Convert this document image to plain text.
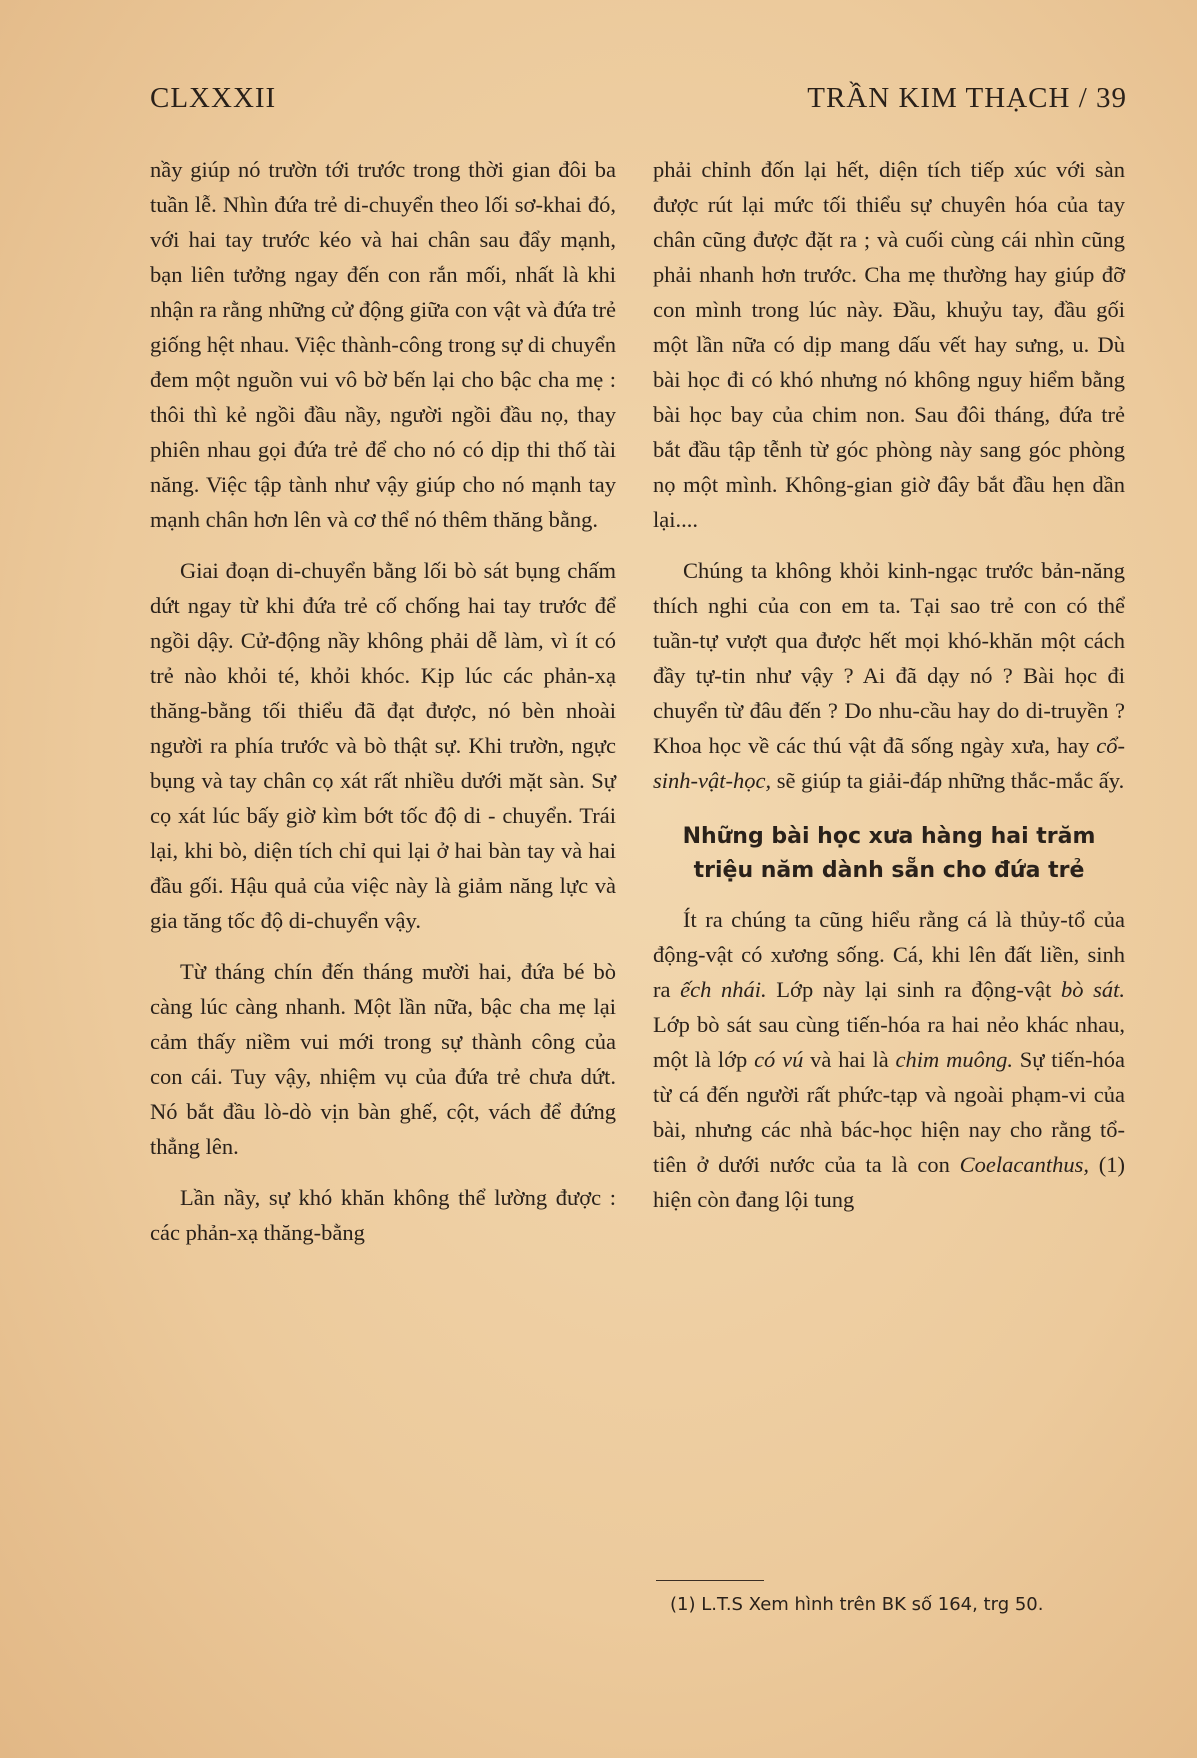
CLXXXII	TRẦN KIM THẠCH / 39

nầy giúp nó trườn tới trước trong thời gian đôi ba tuần lễ. Nhìn đứa trẻ di-chuyển theo lối sơ-khai đó, với hai tay trước kéo và hai chân sau đẩy mạnh, bạn liên tưởng ngay đến con rắn mối, nhất là khi nhận ra rằng những cử động giữa con vật và đứa trẻ giống hệt nhau. Việc thành-công trong sự di chuyển đem một nguồn vui vô bờ bến lại cho bậc cha mẹ : thôi thì kẻ ngồi đầu nầy, người ngồi đầu nọ, thay phiên nhau gọi đứa trẻ để cho nó có dịp thi thố tài năng. Việc tập tành như vậy giúp cho nó mạnh tay mạnh chân hơn lên và cơ thể nó thêm thăng bằng.

Giai đoạn di-chuyển bằng lối bò sát bụng chấm dứt ngay từ khi đứa trẻ cố chống hai tay trước để ngồi dậy. Cử-động nầy không phải dễ làm, vì ít có trẻ nào khỏi té, khỏi khóc. Kịp lúc các phản-xạ thăng-bằng tối thiểu đã đạt được, nó bèn nhoài người ra phía trước và bò thật sự. Khi trườn, ngực bụng và tay chân cọ xát rất nhiều dưới mặt sàn. Sự cọ xát lúc bấy giờ kìm bớt tốc độ di - chuyển. Trái lại, khi bò, diện tích chỉ qui lại ở hai bàn tay và hai đầu gối. Hậu quả của việc này là giảm năng lực và gia tăng tốc độ di-chuyển vậy.

Từ tháng chín đến tháng mười hai, đứa bé bò càng lúc càng nhanh. Một lần nữa, bậc cha mẹ lại cảm thấy niềm vui mới trong sự thành công của con cái. Tuy vậy, nhiệm vụ của đứa trẻ chưa dứt. Nó bắt đầu lò-dò vịn bàn ghế, cột, vách để đứng thẳng lên.

Lần nầy, sự khó khăn không thể lường được : các phản-xạ thăng-bằng

phải chỉnh đốn lại hết, diện tích tiếp xúc với sàn được rút lại mức tối thiểu sự chuyên hóa của tay chân cũng được đặt ra ; và cuối cùng cái nhìn cũng phải nhanh hơn trước. Cha mẹ thường hay giúp đỡ con mình trong lúc này. Đầu, khuỷu tay, đầu gối một lần nữa có dịp mang dấu vết hay sưng, u. Dù bài học đi có khó nhưng nó không nguy hiểm bằng bài học bay của chim non. Sau đôi tháng, đứa trẻ bắt đầu tập tễnh từ góc phòng này sang góc phòng nọ một mình. Không-gian giờ đây bắt đầu hẹn dần lại....

Chúng ta không khỏi kinh-ngạc trước bản-năng thích nghi của con em ta. Tại sao trẻ con có thể tuần-tự vượt qua được hết mọi khó-khăn một cách đầy tự-tin như vậy ? Ai đã dạy nó ? Bài học đi chuyển từ đâu đến ? Do nhu-cầu hay do di-truyền ? Khoa học về các thú vật đã sống ngày xưa, hay cổ-sinh-vật-học, sẽ giúp ta giải-đáp những thắc-mắc ấy.

Những bài học xưa hàng hai trăm triệu năm dành sẵn cho đứa trẻ

Ít ra chúng ta cũng hiểu rằng cá là thủy-tổ của động-vật có xương sống. Cá, khi lên đất liền, sinh ra ếch nhái. Lớp này lại sinh ra động-vật bò sát. Lớp bò sát sau cùng tiến-hóa ra hai nẻo khác nhau, một là lớp có vú và hai là chim muông. Sự tiến-hóa từ cá đến người rất phức-tạp và ngoài phạm-vi của bài, nhưng các nhà bác-học hiện nay cho rằng tổ-tiên ở dưới nước của ta là con Coelacanthus, (1) hiện còn đang lội tung

(1) L.T.S Xem hình trên BK số 164, trg 50.
